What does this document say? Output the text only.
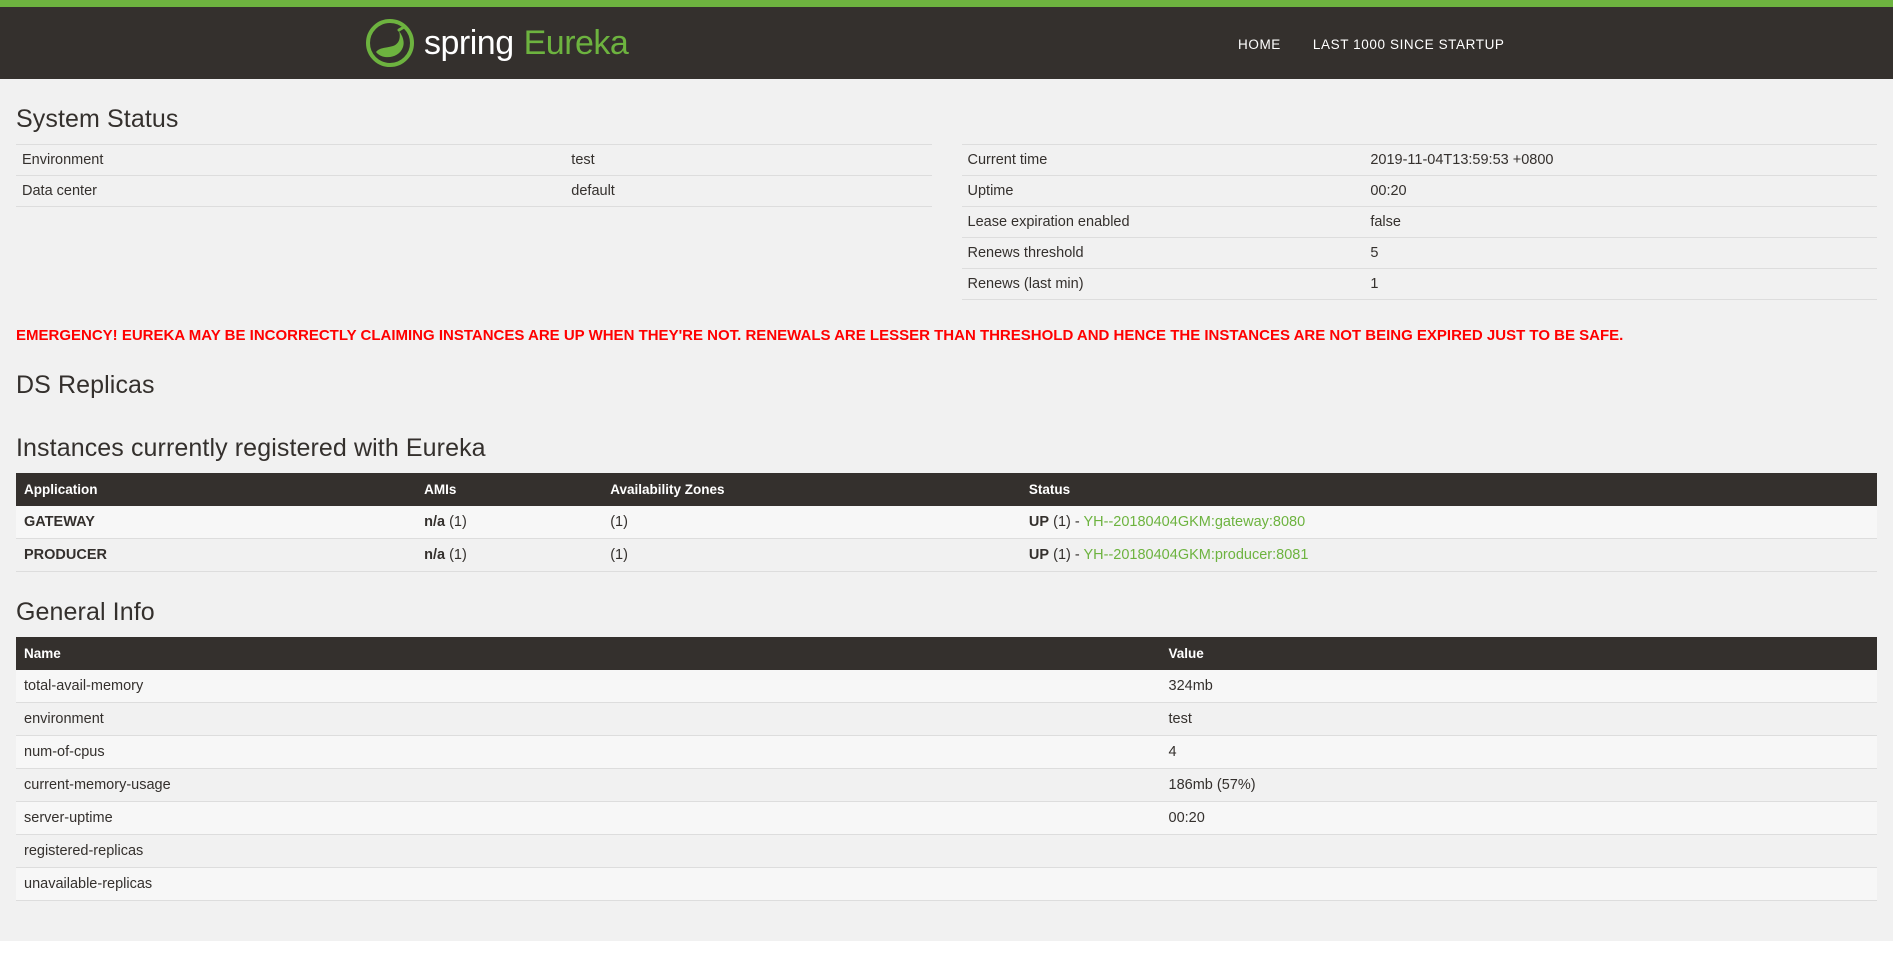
spring Eureka	HOME	LAST 1000 SINCE STARTUP
System Status
Environment	test
Data center	default
Current time	2019-11-04T13:59:53 +0800
Uptime	00:20
Lease expiration enabled	false
Renews threshold	5
Renews (last min)	1
EMERGENCY! EUREKA MAY BE INCORRECTLY CLAIMING INSTANCES ARE UP WHEN THEY'RE NOT. RENEWALS ARE LESSER THAN THRESHOLD AND HENCE THE INSTANCES ARE NOT BEING EXPIRED JUST TO BE SAFE.
DS Replicas
Instances currently registered with Eureka
Application	AMIs	Availability Zones	Status
GATEWAY	n/a (1)	(1)	UP (1) - YH--20180404GKM:gateway:8080
PRODUCER	n/a (1)	(1)	UP (1) - YH--20180404GKM:producer:8081
General Info
Name	Value
total-avail-memory	324mb
environment	test
num-of-cpus	4
current-memory-usage	186mb (57%)
server-uptime	00:20
registered-replicas	
unavailable-replicas	
